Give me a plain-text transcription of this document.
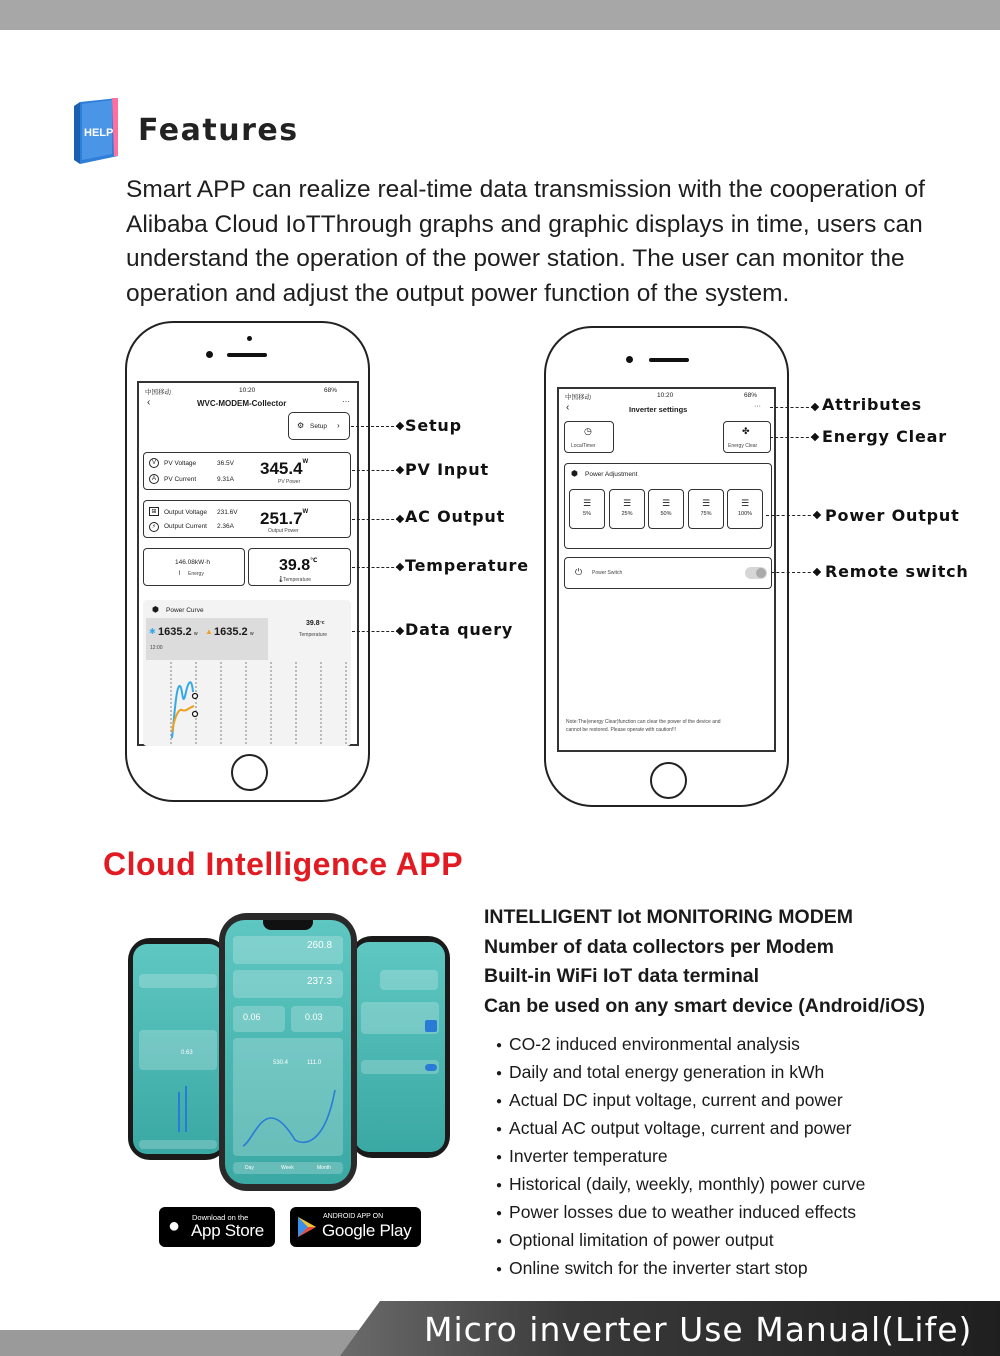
HELP Features

Smart APP can realize real-time data transmission with the cooperation of Alibaba Cloud IoTThrough graphs and graphic displays in time, users can understand the operation of the power station. The user can monitor the operation and adjust the output power function of the system.

中国移动	10:20	68%
‹	WVC-MODEM-Collector	···
⚙ Setup ›
V	PV Voltage	36.5V
A	PV Current	9.31A
$345.4^W$
PV Power
⊞	Output Voltage 231.6V
⚡	Output Current 2.36A $251.7^W$
Output Power
146.08kW·h
⌇ Energy	39.8℃
🌡
Temperature
⬢ Power Curve
✱ 1635.2 w ▲ 1635.2 w
12:00
39.8℃
Temperature
Setup
PV Input
AC Output
Temperature
Data query
中国移动	10:20	68%
‹	Inverter settings	···
◷
LocalTimer
✤
Energy Clear
⬢ Power Adjustment
⏻ Power Switch
Note:The(energy Clear)function can clear the power of the device and cannot be restored. Please operate with caution!!!
☰
5%
☰
25%
☰
50%
☰
75%
☰
100%
Attributes
Energy Clear
Power Output
Remote switch
Cloud Intelligence APP
0.63
260.8
237.3
0.06	0.03
530.4	111.0
Day	Week	Month
● Download on the
App Store
ANDROID APP ON
Google Play
INTELLIGENT Iot MONITORING MODEM
Number of data collectors per Modem
Built-in WiFi IoT data terminal
Can be used on any smart device (Android/iOS)
● CO-2 induced environmental analysis
● Daily and total energy generation in kWh
● Actual DC input voltage, current and power
● Actual AC output voltage, current and power
● Inverter temperature
● Historical (daily, weekly, monthly) power curve
● Power losses due to weather induced effects
● Optional limitation of power output
● Online switch for the inverter start stop
Micro inverter Use Manual(Life)
